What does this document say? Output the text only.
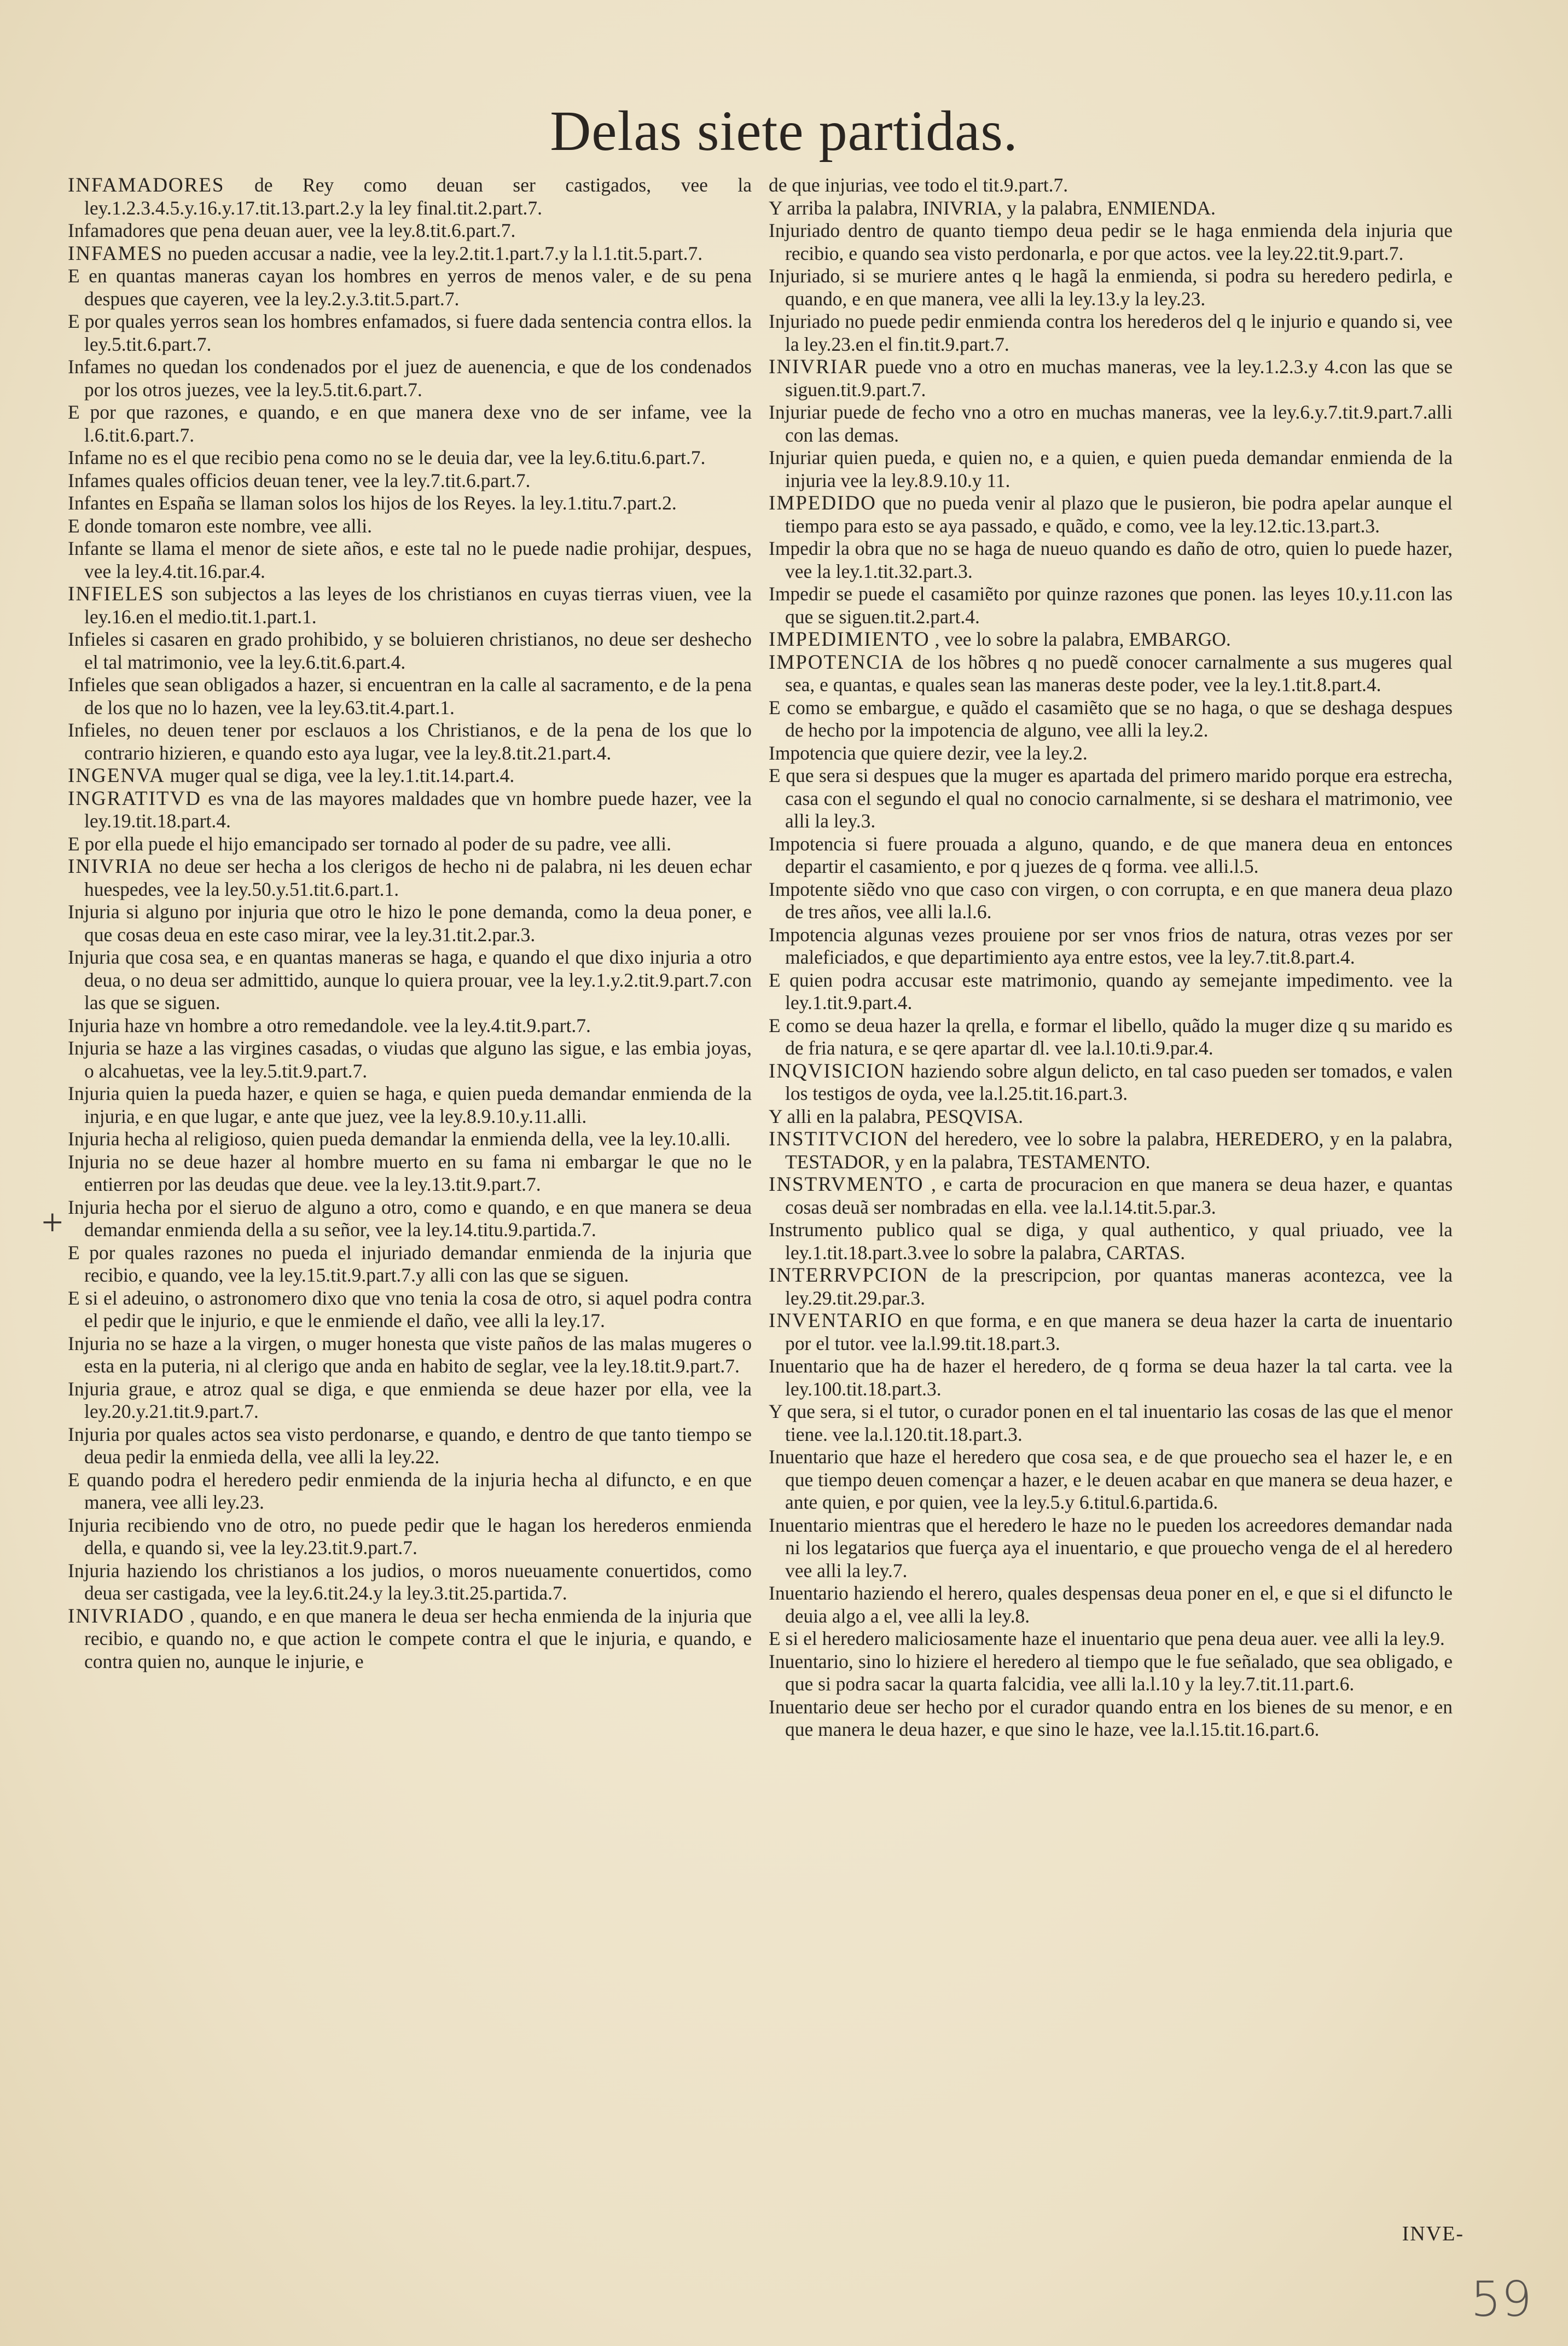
Delas siete partidas.
+
INFAMADORES de Rey como deuan ser castigados, vee la ley.1.2.3.4.5.y.16.y.17.tit.13.part.2.y la ley final.tit.2.part.7.
Infamadores que pena deuan auer, vee la ley.8.tit.6.part.7.
INFAMES no pueden accusar a nadie, vee la ley.2.tit.1.part.7.y la l.1.tit.5.part.7.
E en quantas maneras cayan los hombres en yerros de menos valer, e de su pena despues que cayeren, vee la ley.2.y.3.tit.5.part.7.
E por quales yerros sean los hombres enfamados, si fuere dada sentencia contra ellos. la ley.5.tit.6.part.7.
Infames no quedan los condenados por el juez de auenencia, e que de los condenados por los otros juezes, vee la ley.5.tit.6.part.7.
E por que razones, e quando, e en que manera dexe vno de ser infame, vee la l.6.tit.6.part.7.
Infame no es el que recibio pena como no se le deuia dar, vee la ley.6.titu.6.part.7.
Infames quales officios deuan tener, vee la ley.7.tit.6.part.7.
Infantes en España se llaman solos los hijos de los Reyes. la ley.1.titu.7.part.2.
E donde tomaron este nombre, vee alli.
Infante se llama el menor de siete años, e este tal no le puede nadie prohijar, despues, vee la ley.4.tit.16.par.4.
INFIELES son subjectos a las leyes de los christianos en cuyas tierras viuen, vee la ley.16.en el medio.tit.1.part.1.
Infieles si casaren en grado prohibido, y se boluieren christianos, no deue ser deshecho el tal matrimonio, vee la ley.6.tit.6.part.4.
Infieles que sean obligados a hazer, si encuentran en la calle al sacramento, e de la pena de los que no lo hazen, vee la ley.63.tit.4.part.1.
Infieles, no deuen tener por esclauos a los Christianos, e de la pena de los que lo contrario hizieren, e quando esto aya lugar, vee la ley.8.tit.21.part.4.
INGENVA muger qual se diga, vee la ley.1.tit.14.part.4.
INGRATITVD es vna de las mayores maldades que vn hombre puede hazer, vee la ley.19.tit.18.part.4.
E por ella puede el hijo emancipado ser tornado al poder de su padre, vee alli.
INIVRIA no deue ser hecha a los clerigos de hecho ni de palabra, ni les deuen echar huespedes, vee la ley.50.y.51.tit.6.part.1.
Injuria si alguno por injuria que otro le hizo le pone demanda, como la deua poner, e que cosas deua en este caso mirar, vee la ley.31.tit.2.par.3.
Injuria que cosa sea, e en quantas maneras se haga, e quando el que dixo injuria a otro deua, o no deua ser admittido, aunque lo quiera prouar, vee la ley.1.y.2.tit.9.part.7.con las que se siguen.
Injuria haze vn hombre a otro remedandole. vee la ley.4.tit.9.part.7.
Injuria se haze a las virgines casadas, o viudas que alguno las sigue, e las embia joyas, o alcahuetas, vee la ley.5.tit.9.part.7.
Injuria quien la pueda hazer, e quien se haga, e quien pueda demandar enmienda de la injuria, e en que lugar, e ante que juez, vee la ley.8.9.10.y.11.alli.
Injuria hecha al religioso, quien pueda demandar la enmienda della, vee la ley.10.alli.
Injuria no se deue hazer al hombre muerto en su fama ni embargar le que no le entierren por las deudas que deue. vee la ley.13.tit.9.part.7.
Injuria hecha por el sieruo de alguno a otro, como e quando, e en que manera se deua demandar enmienda della a su señor, vee la ley.14.titu.9.partida.7.
E por quales razones no pueda el injuriado demandar enmienda de la injuria que recibio, e quando, vee la ley.15.tit.9.part.7.y alli con las que se siguen.
E si el adeuino, o astronomero dixo que vno tenia la cosa de otro, si aquel podra contra el pedir que le injurio, e que le enmiende el daño, vee alli la ley.17.
Injuria no se haze a la virgen, o muger honesta que viste paños de las malas mugeres o esta en la puteria, ni al clerigo que anda en habito de seglar, vee la ley.18.tit.9.part.7.
Injuria graue, e atroz qual se diga, e que enmienda se deue hazer por ella, vee la ley.20.y.21.tit.9.part.7.
Injuria por quales actos sea visto perdonarse, e quando, e dentro de que tanto tiempo se deua pedir la enmieda della, vee alli la ley.22.
E quando podra el heredero pedir enmienda de la injuria hecha al difuncto, e en que manera, vee alli ley.23.
Injuria recibiendo vno de otro, no puede pedir que le hagan los herederos enmienda della, e quando si, vee la ley.23.tit.9.part.7.
Injuria haziendo los christianos a los judios, o moros nueuamente conuertidos, como deua ser castigada, vee la ley.6.tit.24.y la ley.3.tit.25.partida.7.
INIVRIADO , quando, e en que manera le deua ser hecha enmienda de la injuria que recibio, e quando no, e que action le compete contra el que le injuria, e quando, e contra quien no, aunque le injurie, e
de que injurias, vee todo el tit.9.part.7.
Y arriba la palabra, INIVRIA, y la palabra, ENMIENDA.
Injuriado dentro de quanto tiempo deua pedir se le haga enmienda dela injuria que recibio, e quando sea visto perdonarla, e por que actos. vee la ley.22.tit.9.part.7.
Injuriado, si se muriere antes q le hagã la enmienda, si podra su heredero pedirla, e quando, e en que manera, vee alli la ley.13.y la ley.23.
Injuriado no puede pedir enmienda contra los herederos del q le injurio e quando si, vee la ley.23.en el fin.tit.9.part.7.
INIVRIAR puede vno a otro en muchas maneras, vee la ley.1.2.3.y 4.con las que se siguen.tit.9.part.7.
Injuriar puede de fecho vno a otro en muchas maneras, vee la ley.6.y.7.tit.9.part.7.alli con las demas.
Injuriar quien pueda, e quien no, e a quien, e quien pueda demandar enmienda de la injuria vee la ley.8.9.10.y 11.
IMPEDIDO que no pueda venir al plazo que le pusieron, bie podra apelar aunque el tiempo para esto se aya passado, e quãdo, e como, vee la ley.12.tic.13.part.3.
Impedir la obra que no se haga de nueuo quando es daño de otro, quien lo puede hazer, vee la ley.1.tit.32.part.3.
Impedir se puede el casamiẽto por quinze razones que ponen. las leyes 10.y.11.con las que se siguen.tit.2.part.4.
IMPEDIMIENTO , vee lo sobre la palabra, EMBARGO.
IMPOTENCIA de los hõbres q no puedẽ conocer carnalmente a sus mugeres qual sea, e quantas, e quales sean las maneras deste poder, vee la ley.1.tit.8.part.4.
E como se embargue, e quãdo el casamiẽto que se no haga, o que se deshaga despues de hecho por la impotencia de alguno, vee alli la ley.2.
Impotencia que quiere dezir, vee la ley.2.
E que sera si despues que la muger es apartada del primero marido porque era estrecha, casa con el segundo el qual no conocio carnalmente, si se deshara el matrimonio, vee alli la ley.3.
Impotencia si fuere prouada a alguno, quando, e de que manera deua en entonces departir el casamiento, e por q juezes de q forma. vee alli.l.5.
Impotente siẽdo vno que caso con virgen, o con corrupta, e en que manera deua plazo de tres años, vee alli la.l.6.
Impotencia algunas vezes prouiene por ser vnos frios de natura, otras vezes por ser maleficiados, e que departimiento aya entre estos, vee la ley.7.tit.8.part.4.
E quien podra accusar este matrimonio, quando ay semejante impedimento. vee la ley.1.tit.9.part.4.
E como se deua hazer la qrella, e formar el libello, quãdo la muger dize q su marido es de fria natura, e se qere apartar dl. vee la.l.10.ti.9.par.4.
INQVISICION haziendo sobre algun delicto, en tal caso pueden ser tomados, e valen los testigos de oyda, vee la.l.25.tit.16.part.3.
Y alli en la palabra, PESQVISA.
INSTITVCION del heredero, vee lo sobre la palabra, HEREDERO, y en la palabra, TESTADOR, y en la palabra, TESTAMENTO.
INSTRVMENTO , e carta de procuracion en que manera se deua hazer, e quantas cosas deuã ser nombradas en ella. vee la.l.14.tit.5.par.3.
Instrumento publico qual se diga, y qual authentico, y qual priuado, vee la ley.1.tit.18.part.3.vee lo sobre la palabra, CARTAS.
INTERRVPCION de la prescripcion, por quantas maneras acontezca, vee la ley.29.tit.29.par.3.
INVENTARIO en que forma, e en que manera se deua hazer la carta de inuentario por el tutor. vee la.l.99.tit.18.part.3.
Inuentario que ha de hazer el heredero, de q forma se deua hazer la tal carta. vee la ley.100.tit.18.part.3.
Y que sera, si el tutor, o curador ponen en el tal inuentario las cosas de las que el menor tiene. vee la.l.120.tit.18.part.3.
Inuentario que haze el heredero que cosa sea, e de que prouecho sea el hazer le, e en que tiempo deuen començar a hazer, e le deuen acabar en que manera se deua hazer, e ante quien, e por quien, vee la ley.5.y 6.titul.6.partida.6.
Inuentario mientras que el heredero le haze no le pueden los acreedores demandar nada ni los legatarios que fuerça aya el inuentario, e que prouecho venga de el al heredero vee alli la ley.7.
Inuentario haziendo el herero, quales despensas deua poner en el, e que si el difuncto le deuia algo a el, vee alli la ley.8.
E si el heredero maliciosamente haze el inuentario que pena deua auer. vee alli la ley.9.
Inuentario, sino lo hiziere el heredero al tiempo que le fue señalado, que sea obligado, e que si podra sacar la quarta falcidia, vee alli la.l.10 y la ley.7.tit.11.part.6.
Inuentario deue ser hecho por el curador quando entra en los bienes de su menor, e en que manera le deua hazer, e que sino le haze, vee la.l.15.tit.16.part.6.
INVE-
59
